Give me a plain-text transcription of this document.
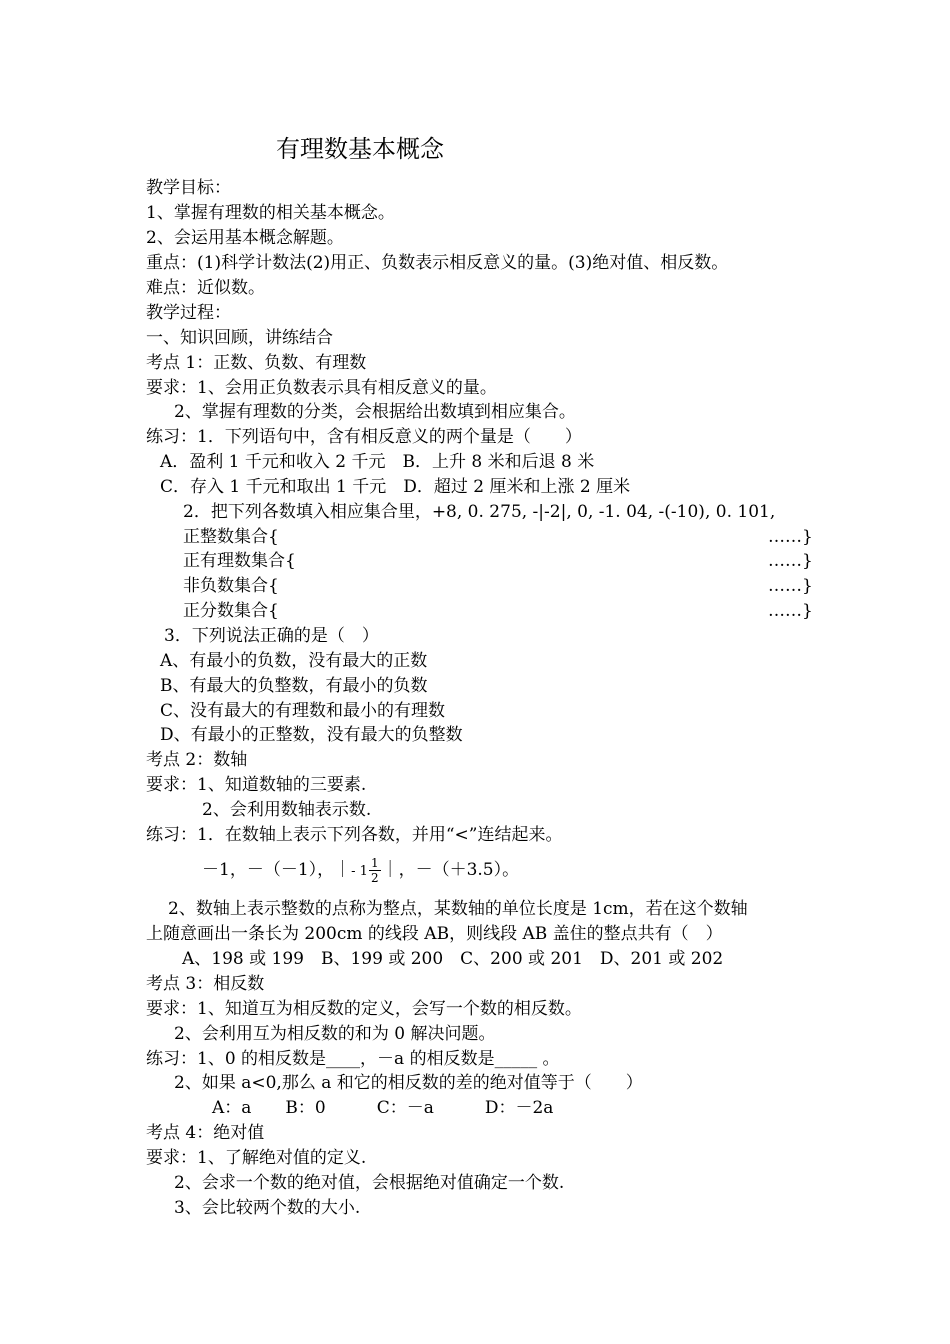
有理数基本概念
教学目标：
1、掌握有理数的相关基本概念。
2、会运用基本概念解题。
重点：(1)科学计数法(2)用正、负数表示相反意义的量。(3)绝对值、相反数。
难点：近似数。
教学过程：
一、知识回顾，讲练结合
考点 1：正数、负数、有理数
要求：1、会用正负数表示具有相反意义的量。
2、掌握有理数的分类，会根据给出数填到相应集合。
练习：1．下列语句中，含有相反意义的两个量是（　　）
A．盈利 1 千元和收入 2 千元　B．上升 8 米和后退 8 米
C．存入 1 千元和取出 1 千元　D．超过 2 厘米和上涨 2 厘米
2．把下列各数填入相应集合里，+8, 0. 275, -|-2|, 0, -1. 04, -(-10), 0. 101,
正整数集合{	……}
正有理数集合{	……}
非负数集合{	……}
正分数集合{	……}
3．下列说法正确的是（　）
A、有最小的负数，没有最大的正数
B、有最大的负整数，有最小的负数
C、没有最大的有理数和最小的有理数
D、有最小的正整数，没有最大的负整数
考点 2：数轴
要求：1、知道数轴的三要素.
2、会利用数轴表示数.
练习：1．在数轴上表示下列各数，并用“<”连结起来。
－1，－（－1），｜- $1 \frac{1}{2}$ ｜，－（＋3.5）。
2、数轴上表示整数的点称为整点，某数轴的单位长度是 1cm，若在这个数轴
上随意画出一条长为 200cm 的线段 AB，则线段 AB 盖住的整点共有（　）
A、198 或 199　B、199 或 200　C、200 或 201　D、201 或 202
考点 3：相反数
要求：1、知道互为相反数的定义，会写一个数的相反数。
2、会利用互为相反数的和为 0 解决问题。
练习：1、0 的相反数是____，－a 的相反数是_____ 。
2、如果 a<0,那么 a 和它的相反数的差的绝对值等于（　　）
A：a　　B：0　　　C：－a　　　D：－2a
考点 4：绝对值
要求：1、了解绝对值的定义.
2、会求一个数的绝对值，会根据绝对值确定一个数.
3、会比较两个数的大小.
